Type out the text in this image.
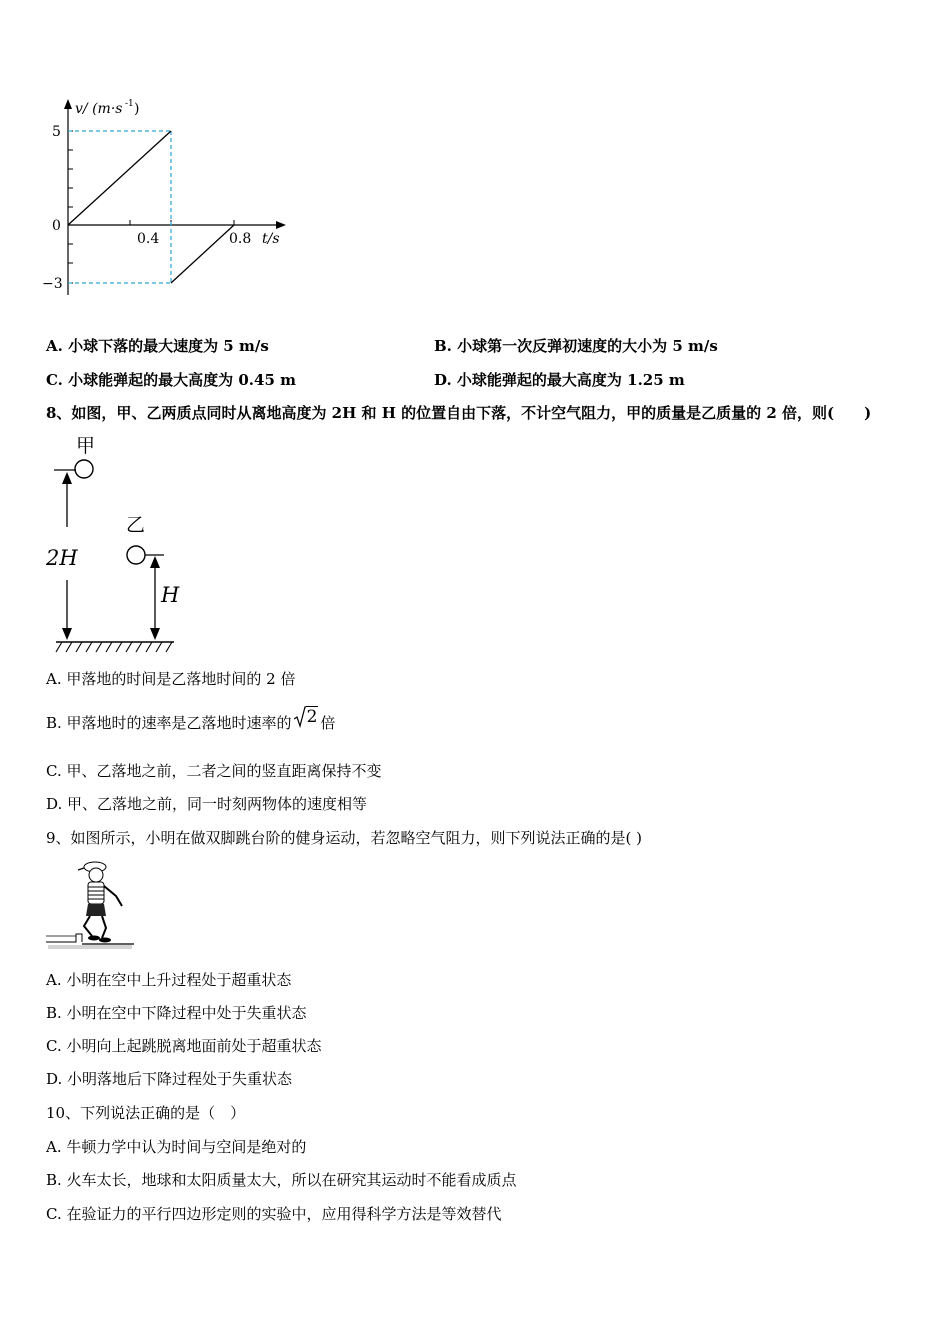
v/ (m·s -1 )
5
0
−3
0.4	0.8 t/s
A. 小球下落的最大速度为 5 m/s	B. 小球第一次反弹初速度的大小为 5 m/s
C. 小球能弹起的最大高度为 0.45 m	D. 小球能弹起的最大高度为 1.25 m
8、如图，甲、乙两质点同时从离地高度为 2H 和 H 的位置自由下落，不计空气阻力，甲的质量是乙质量的 2 倍，则(　　)
甲
2H
乙
H
A. 甲落地的时间是乙落地时间的 2 倍
B. 甲落地时的速率是乙落地时速率的 2 倍
C. 甲、乙落地之前，二者之间的竖直距离保持不变
D. 甲、乙落地之前，同一时刻两物体的速度相等
9、如图所示，小明在做双脚跳台阶的健身运动，若忽略空气阻力，则下列说法正确的是( )
A. 小明在空中上升过程处于超重状态
B. 小明在空中下降过程中处于失重状态
C. 小明向上起跳脱离地面前处于超重状态
D. 小明落地后下降过程处于失重状态
10、下列说法正确的是（　）
A. 牛顿力学中认为时间与空间是绝对的
B. 火车太长，地球和太阳质量太大，所以在研究其运动时不能看成质点
C. 在验证力的平行四边形定则的实验中，应用得科学方法是等效替代
